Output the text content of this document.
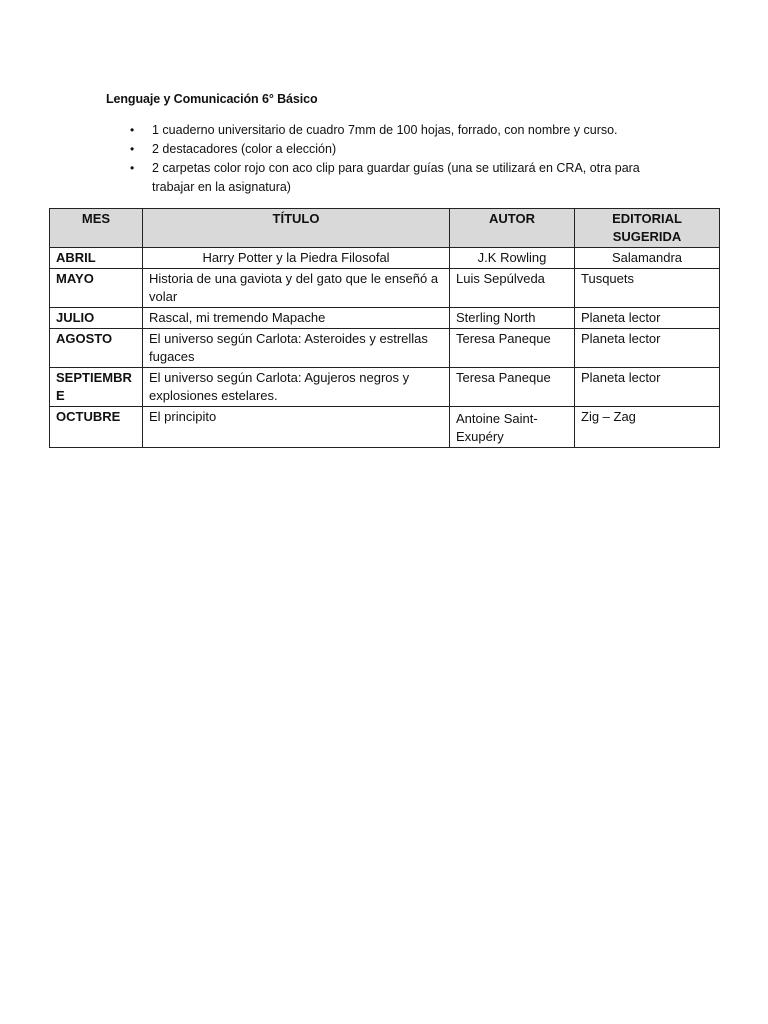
Lenguaje y Comunicación 6° Básico
• 1 cuaderno universitario de cuadro 7mm de 100 hojas, forrado, con nombre y curso.
• 2 destacadores (color a elección)
• 2 carpetas color rojo con aco clip para guardar guías (una se utilizará en CRA, otra para trabajar en la asignatura)
MES	TÍTULO	AUTOR	EDITORIAL SUGERIDA
ABRIL	Harry Potter y la Piedra Filosofal	J.K Rowling	Salamandra
MAYO	Historia de una gaviota y del gato que le enseñó a volar	Luis Sepúlveda	Tusquets
JULIO	Rascal, mi tremendo Mapache	Sterling North	Planeta lector
AGOSTO	El universo según Carlota: Asteroides y estrellas fugaces	Teresa Paneque	Planeta lector
SEPTIEMBRE	El universo según Carlota: Agujeros negros y explosiones estelares.	Teresa Paneque	Planeta lector
OCTUBRE	El principito	Antoine Saint-Exupéry	Zig – Zag
